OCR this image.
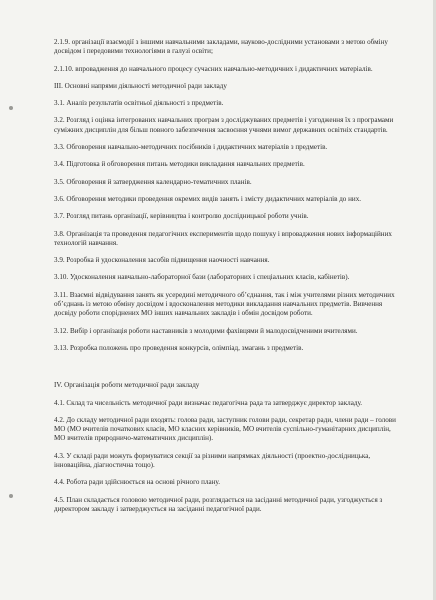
2.1.9. організації взаємодії з іншими навчальними закладами, науково-дослідними установами з метою обміну досвідом і передовими технологіями в галузі освіти;

2.1.10. впровадження до навчального процесу сучасних навчально-методичних і дидактичних матеріалів.

ІІІ. Основні напрями діяльності методичної ради закладу

3.1. Аналіз результатів освітньої діяльності з предметів.

3.2. Розгляд і оцінка інтегрованих навчальних програм з досліджуваних предметів і узгодження їх з програмами суміжних дисциплін для більш повного забезпечення засвоєння учнями вимог державних освітніх стандартів.

3.3. Обговорення навчально-методичних посібників і дидактичних матеріалів з предметів.

3.4. Підготовка й обговорення питань методики викладання навчальних предметів.

3.5. Обговорення й затвердження календарно-тематичних планів.

3.6. Обговорення методики проведення окремих видів занять і змісту дидактичних матеріалів до них.

3.7. Розгляд питань організації, керівництва і контролю дослідницької роботи учнів.

3.8. Організація та проведення педагогічних експериментів щодо пошуку і впровадження нових інформаційних технологій навчання.

3.9. Розробка й удосконалення засобів підвищення наочності навчання.

3.10. Удосконалення навчально-лабораторної бази (лабораторних і спеціальних класів, кабінетів).

3.11. Взаємні відвідування занять як усередині методичного об’єднання, так і між учителями різних методичних об’єднань із метою обміну досвідом і вдосконалення методики викладання навчальних предметів. Вивчення досвіду роботи споріднених МО інших навчальних закладів і обмін досвідом роботи.

3.12. Вибір і організація роботи наставників з молодими фахівцями й малодосвідченими вчителями.

3.13. Розробка положень про проведення конкурсів, олімпіад, змагань з предметів.

ІV. Організація роботи методичної ради закладу

4.1. Склад та чисельність методичної ради визначає педагогічна рада та затверджує директор закладу.

4.2. До складу методичної ради входять: голова ради, заступник голови ради, секретар ради, члени ради – голови МО (МО вчителів початкових класів, МО класних керівників, МО вчителів суспільно-гуманітарних дисциплін, МО вчителів природничо-математичних дисциплін).

4.3. У складі ради можуть формуватися секції за різними напрямках діяльності (проектно-дослідницька, інноваційна, діагностична тощо).

4.4. Робота ради здійснюється на основі річного плану.

4.5. План складається головою методичної ради, розглядається на засіданні методичної ради, узгоджується з директором закладу і затверджується на засіданні педагогічної ради.
